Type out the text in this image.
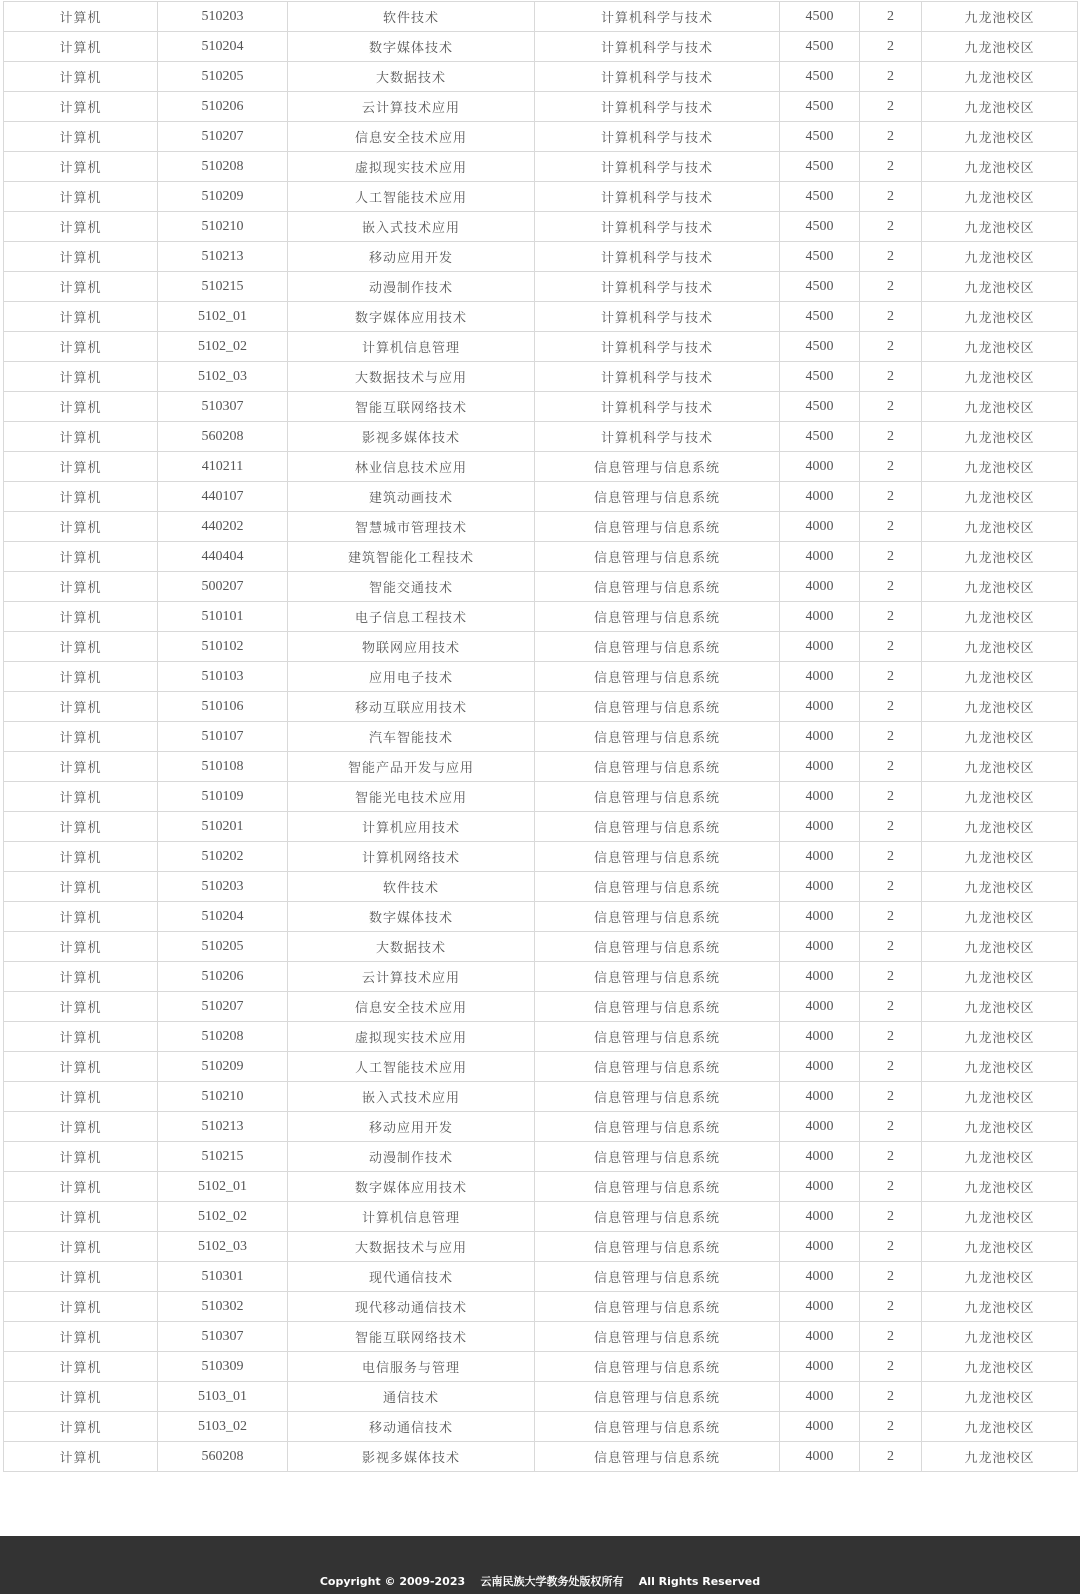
计算机	510203	软件技术	计算机科学与技术	4500	2	九龙池校区
计算机	510204	数字媒体技术	计算机科学与技术	4500	2	九龙池校区
计算机	510205	大数据技术	计算机科学与技术	4500	2	九龙池校区
计算机	510206	云计算技术应用	计算机科学与技术	4500	2	九龙池校区
计算机	510207	信息安全技术应用	计算机科学与技术	4500	2	九龙池校区
计算机	510208	虚拟现实技术应用	计算机科学与技术	4500	2	九龙池校区
计算机	510209	人工智能技术应用	计算机科学与技术	4500	2	九龙池校区
计算机	510210	嵌入式技术应用	计算机科学与技术	4500	2	九龙池校区
计算机	510213	移动应用开发	计算机科学与技术	4500	2	九龙池校区
计算机	510215	动漫制作技术	计算机科学与技术	4500	2	九龙池校区
计算机	5102_01	数字媒体应用技术	计算机科学与技术	4500	2	九龙池校区
计算机	5102_02	计算机信息管理	计算机科学与技术	4500	2	九龙池校区
计算机	5102_03	大数据技术与应用	计算机科学与技术	4500	2	九龙池校区
计算机	510307	智能互联网络技术	计算机科学与技术	4500	2	九龙池校区
计算机	560208	影视多媒体技术	计算机科学与技术	4500	2	九龙池校区
计算机	410211	林业信息技术应用	信息管理与信息系统	4000	2	九龙池校区
计算机	440107	建筑动画技术	信息管理与信息系统	4000	2	九龙池校区
计算机	440202	智慧城市管理技术	信息管理与信息系统	4000	2	九龙池校区
计算机	440404	建筑智能化工程技术	信息管理与信息系统	4000	2	九龙池校区
计算机	500207	智能交通技术	信息管理与信息系统	4000	2	九龙池校区
计算机	510101	电子信息工程技术	信息管理与信息系统	4000	2	九龙池校区
计算机	510102	物联网应用技术	信息管理与信息系统	4000	2	九龙池校区
计算机	510103	应用电子技术	信息管理与信息系统	4000	2	九龙池校区
计算机	510106	移动互联应用技术	信息管理与信息系统	4000	2	九龙池校区
计算机	510107	汽车智能技术	信息管理与信息系统	4000	2	九龙池校区
计算机	510108	智能产品开发与应用	信息管理与信息系统	4000	2	九龙池校区
计算机	510109	智能光电技术应用	信息管理与信息系统	4000	2	九龙池校区
计算机	510201	计算机应用技术	信息管理与信息系统	4000	2	九龙池校区
计算机	510202	计算机网络技术	信息管理与信息系统	4000	2	九龙池校区
计算机	510203	软件技术	信息管理与信息系统	4000	2	九龙池校区
计算机	510204	数字媒体技术	信息管理与信息系统	4000	2	九龙池校区
计算机	510205	大数据技术	信息管理与信息系统	4000	2	九龙池校区
计算机	510206	云计算技术应用	信息管理与信息系统	4000	2	九龙池校区
计算机	510207	信息安全技术应用	信息管理与信息系统	4000	2	九龙池校区
计算机	510208	虚拟现实技术应用	信息管理与信息系统	4000	2	九龙池校区
计算机	510209	人工智能技术应用	信息管理与信息系统	4000	2	九龙池校区
计算机	510210	嵌入式技术应用	信息管理与信息系统	4000	2	九龙池校区
计算机	510213	移动应用开发	信息管理与信息系统	4000	2	九龙池校区
计算机	510215	动漫制作技术	信息管理与信息系统	4000	2	九龙池校区
计算机	5102_01	数字媒体应用技术	信息管理与信息系统	4000	2	九龙池校区
计算机	5102_02	计算机信息管理	信息管理与信息系统	4000	2	九龙池校区
计算机	5102_03	大数据技术与应用	信息管理与信息系统	4000	2	九龙池校区
计算机	510301	现代通信技术	信息管理与信息系统	4000	2	九龙池校区
计算机	510302	现代移动通信技术	信息管理与信息系统	4000	2	九龙池校区
计算机	510307	智能互联网络技术	信息管理与信息系统	4000	2	九龙池校区
计算机	510309	电信服务与管理	信息管理与信息系统	4000	2	九龙池校区
计算机	5103_01	通信技术	信息管理与信息系统	4000	2	九龙池校区
计算机	5103_02	移动通信技术	信息管理与信息系统	4000	2	九龙池校区
计算机	560208	影视多媒体技术	信息管理与信息系统	4000	2	九龙池校区
Copyright © 2009-2023    云南民族大学教务处版权所有    All Rights Reserved
